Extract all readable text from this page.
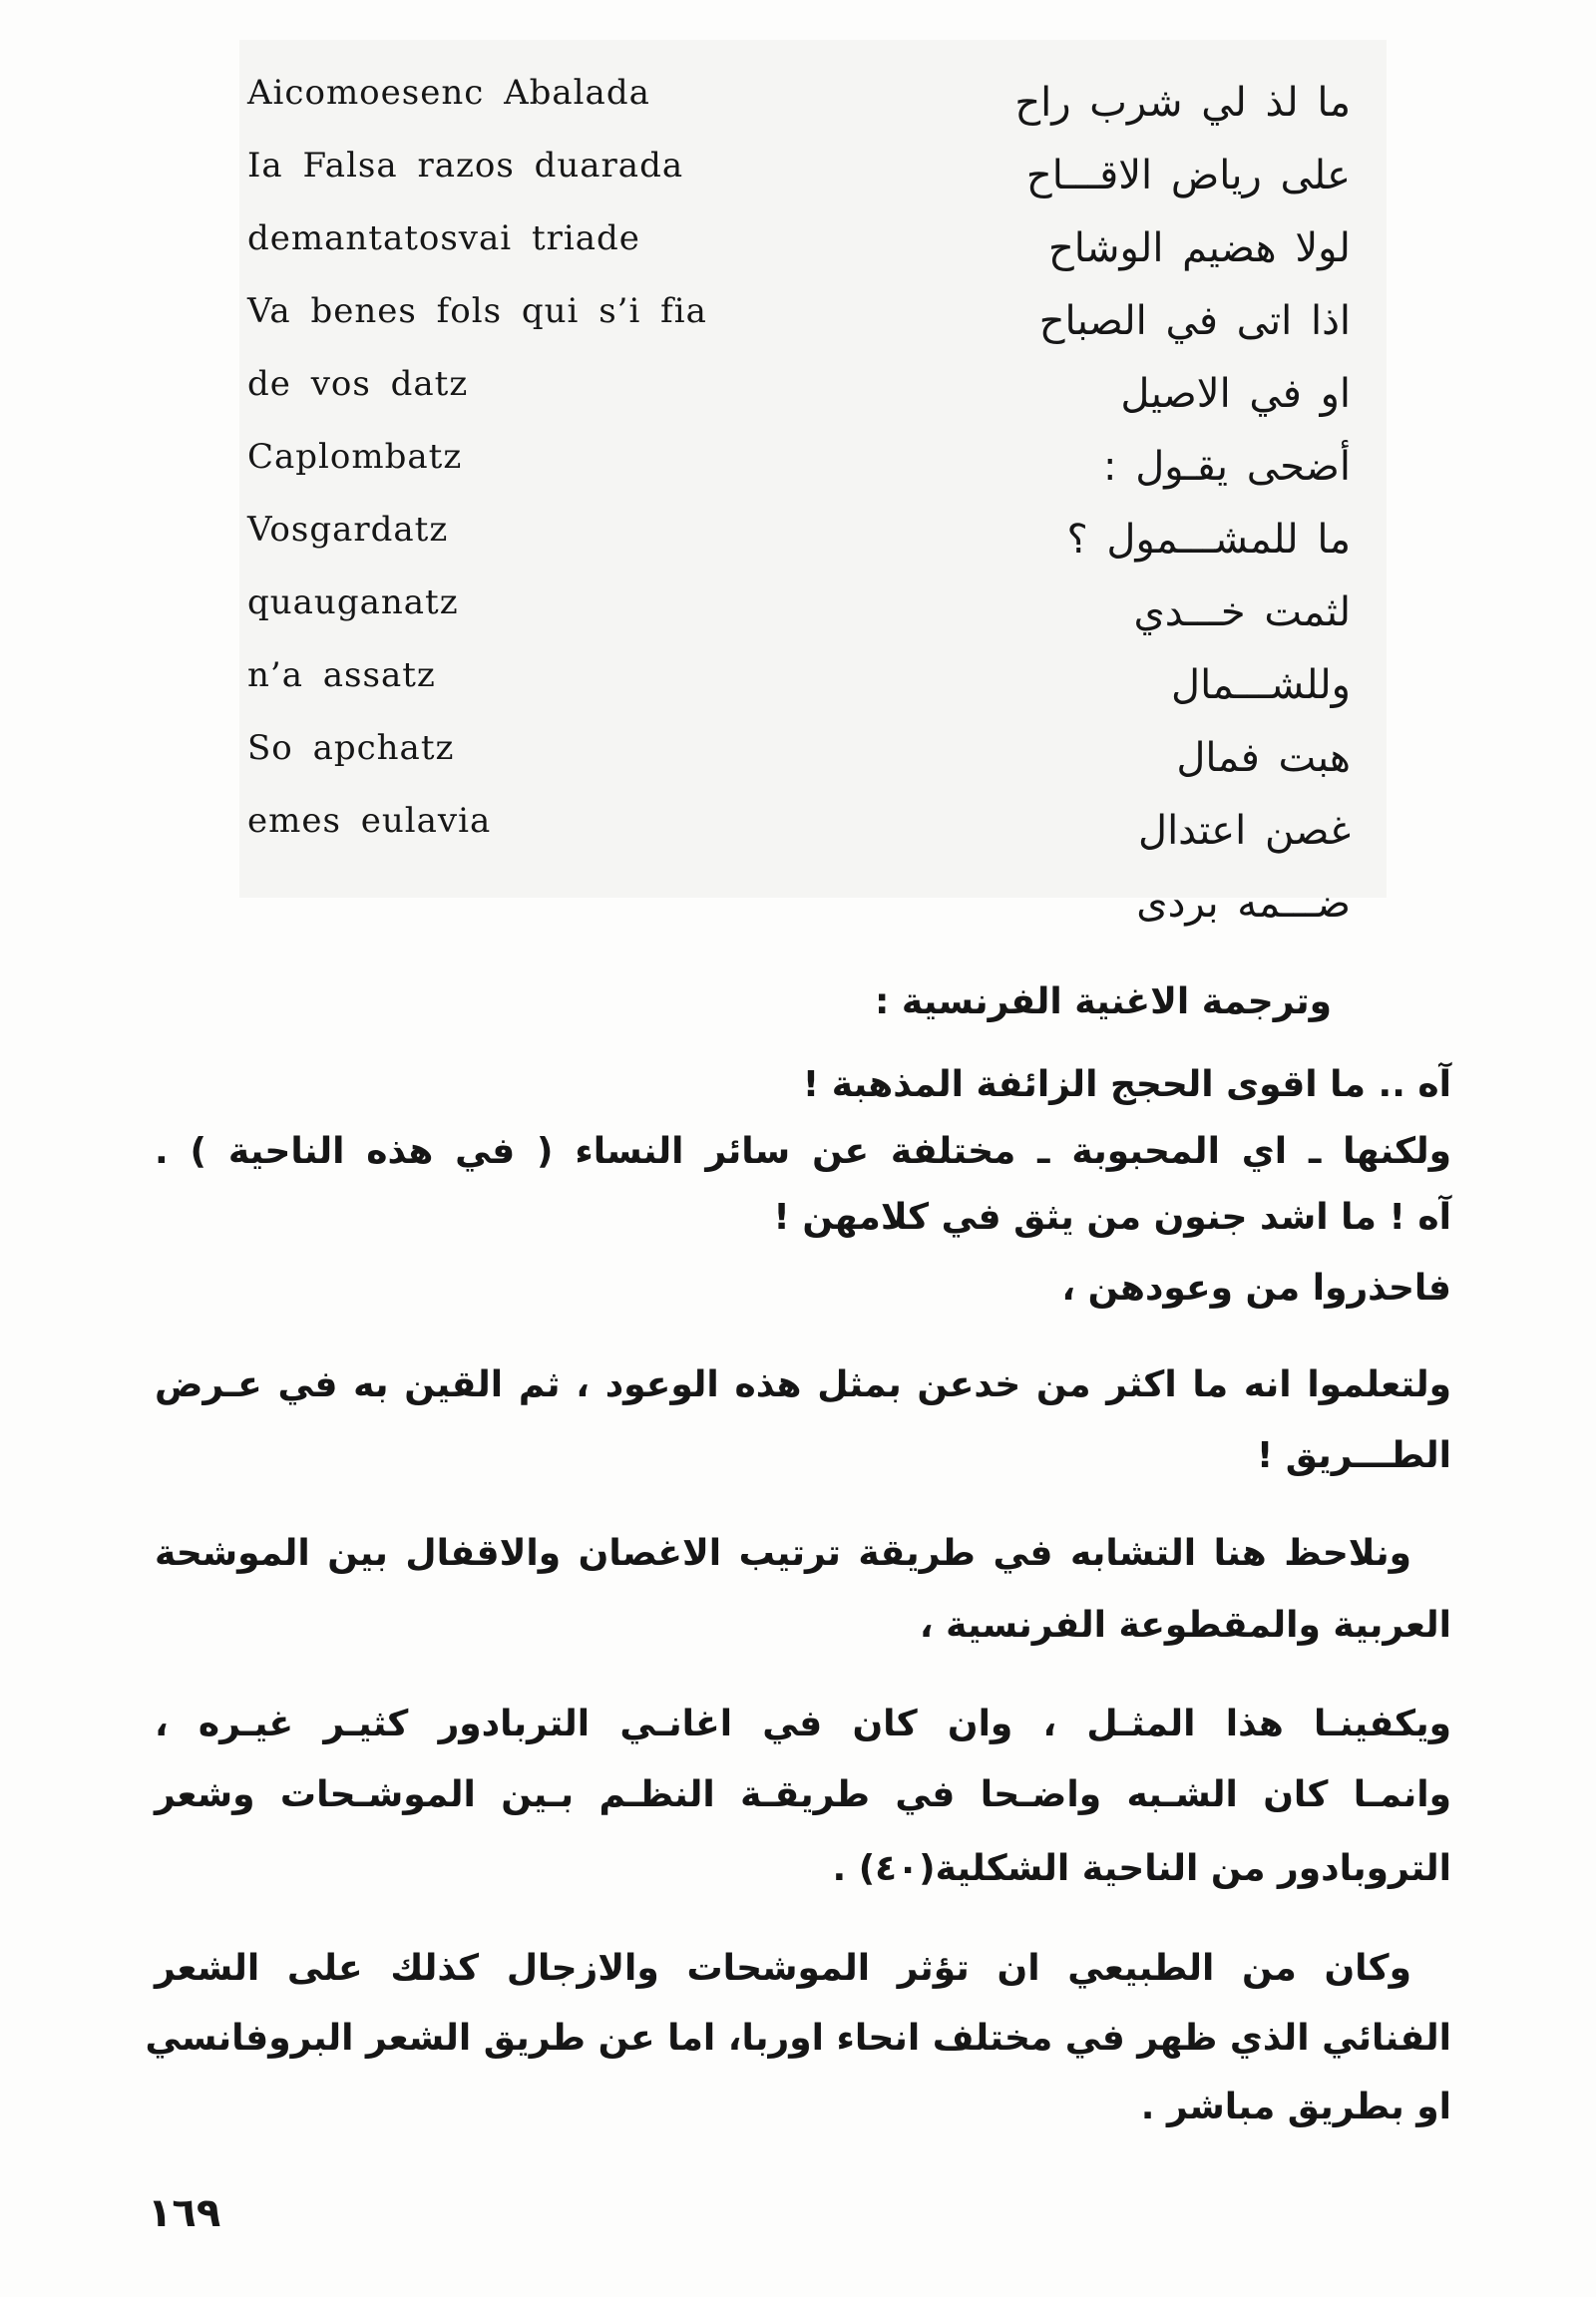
Aicomoesenc Abalada
Ia Falsa razos duarada
demantatosvai triade
Va benes fols qui s’i fia
de vos datz
Caplombatz
Vosgardatz
quauganatz
n’a assatz
So apchatz
emes eulavia
ما لذ لي شرب راح
على رياض الاقـــاح
لولا هضيم الوشاح
اذا اتى في الصباح
او في الاصيل
أضحى يقـول :
ما للمشـــمول ؟
لثمت خـــدي
وللشـــمال
هبت فمال
غصن اعتدال
ضـــمه بردى
وترجمة الاغنية الفرنسية :
آه .. ما اقوى الحجج الزائفة المذهبة !
ولكنها ـ اي المحبوبة ـ مختلفة عن سائر النساء ( في هذه الناحية ) .
آه ! ما اشد جنون من يثق في كلامهن !
فاحذروا من وعودهن ،
ولتعلموا انه ما اكثر من خدعن بمثل هذه الوعود ، ثم القين به في عـرض
الطـــريق !
ونلاحظ هنا التشابه في طريقة ترتيب الاغصان والاقفال بين الموشحة
العربية والمقطوعة الفرنسية ،
ويكفينـا هذا المثـل ، وان كان في اغانـي التربادور كثيـر غيـره ،
وانمـا كان الشـبه واضـحا في طريقـة النظـم بـين الموشـحات وشعر
التروبادور من الناحية الشكلية(٤٠) .
وكان من الطبيعي ان تؤثر الموشحات والازجال كذلك على الشعر
الفنائي الذي ظهر في مختلف انحاء اوربا، اما عن طريق الشعر البروفانسي
او بطريق مباشر .
١٦٩
